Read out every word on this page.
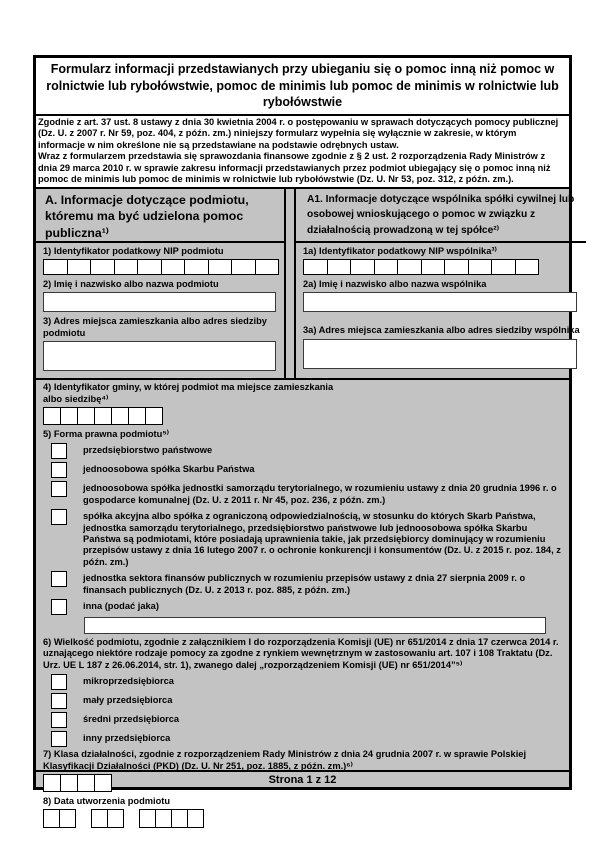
Formularz informacji przedstawianych przy ubieganiu się o pomoc inną niż pomoc w rolnictwie lub rybołówstwie, pomoc de minimis lub pomoc de minimis w rolnictwie lub rybołówstwie

Zgodnie z art. 37 ust. 8 ustawy z dnia 30 kwietnia 2004 r. o postępowaniu w sprawach dotyczących pomocy publicznej (Dz. U. z 2007 r. Nr 59, poz. 404, z późn. zm.) niniejszy formularz wypełnia się wyłącznie w zakresie, w którym informacje w nim określone nie są przedstawiane na podstawie odrębnych ustaw.

Wraz z formularzem przedstawia się sprawozdania finansowe zgodnie z § 2 ust. 2 rozporządzenia Rady Ministrów z dnia 29 marca 2010 r. w sprawie zakresu informacji przedstawianych przez podmiot ubiegający się o pomoc inną niż pomoc de minimis lub pomoc de minimis w rolnictwie lub rybołówstwie (Dz. U. Nr 53, poz. 312, z późn. zm.).

A. Informacje dotyczące podmiotu, któremu ma być udzielona pomoc publiczna¹⁾
1) Identyfikator podatkowy NIP podmiotu
2) Imię i nazwisko albo nazwa podmiotu
3) Adres miejsca zamieszkania albo adres siedziby podmiotu
A1. Informacje dotyczące wspólnika spółki cywilnej lub osobowej wnioskującego o pomoc w związku z działalnością prowadzoną w tej spółce²⁾
1a) Identyfikator podatkowy NIP wspólnika³⁾
2a) Imię i nazwisko albo nazwa wspólnika
3a) Adres miejsca zamieszkania albo adres siedziby wspólnika
4) Identyfikator gminy, w której podmiot ma miejsce zamieszkania albo siedzibę⁴⁾
5) Forma prawna podmiotu⁵⁾
przedsiębiorstwo państwowe
jednoosobowa spółka Skarbu Państwa
jednoosobowa spółka jednostki samorządu terytorialnego, w rozumieniu ustawy z dnia 20 grudnia 1996 r. o gospodarce komunalnej (Dz. U. z 2011 r. Nr 45, poz. 236, z późn. zm.)
spółka akcyjna albo spółka z ograniczoną odpowiedzialnością, w stosunku do których Skarb Państwa, jednostka samorządu terytorialnego, przedsiębiorstwo państwowe lub jednoosobowa spółka Skarbu Państwa są podmiotami, które posiadają uprawnienia takie, jak przedsiębiorcy dominujący w rozumieniu przepisów ustawy z dnia 16 lutego 2007 r. o ochronie konkurencji i konsumentów (Dz. U. z 2015 r. poz. 184, z późn. zm.)
jednostka sektora finansów publicznych w rozumieniu przepisów ustawy z dnia 27 sierpnia 2009 r. o finansach publicznych (Dz. U. z 2013 r. poz. 885, z późn. zm.)
inna (podać jaka)
6) Wielkość podmiotu, zgodnie z załącznikiem I do rozporządzenia Komisji (UE) nr 651/2014 z dnia 17 czerwca 2014 r. uznającego niektóre rodzaje pomocy za zgodne z rynkiem wewnętrznym w zastosowaniu art. 107 i 108 Traktatu (Dz. Urz. UE L 187 z 26.06.2014, str. 1), zwanego dalej „rozporządzeniem Komisji (UE) nr 651/2014”⁵⁾
mikroprzedsiębiorca
mały przedsiębiorca
średni przedsiębiorca
inny przedsiębiorca
7) Klasa działalności, zgodnie z rozporządzeniem Rady Ministrów z dnia 24 grudnia 2007 r. w sprawie Polskiej Klasyfikacji Działalności (PKD) (Dz. U. Nr 251, poz. 1885, z późn. zm.)⁶⁾
8) Data utworzenia podmiotu
Strona 1 z 12
